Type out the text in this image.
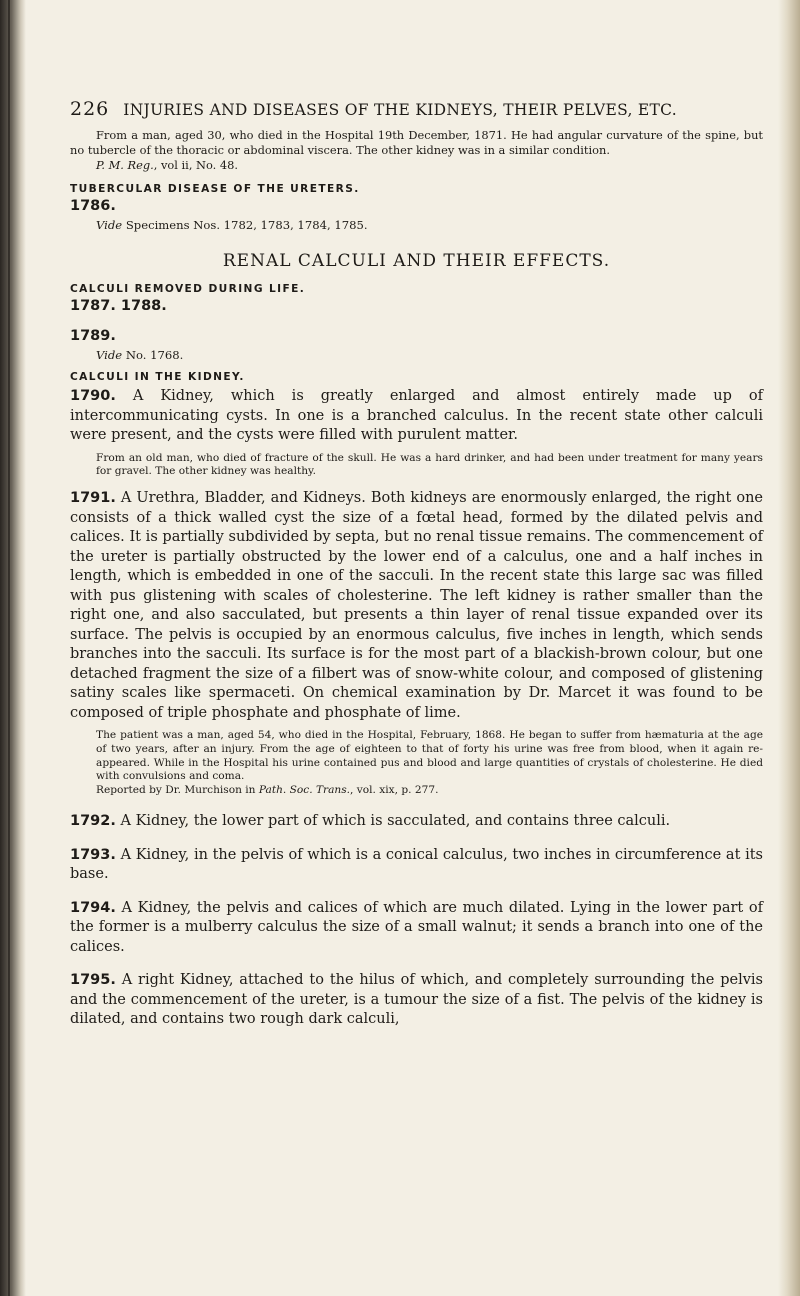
226 INJURIES AND DISEASES OF THE KIDNEYS, THEIR PELVES, ETC.

From a man, aged 30, who died in the Hospital 19th December, 1871. He had angular curvature of the spine, but no tubercle of the thoracic or abdominal viscera. The other kidney was in a similar condition.

P. M. Reg., vol ii, No. 48.

TUBERCULAR DISEASE OF THE URETERS.
1786.
Vide Specimens Nos. 1782, 1783, 1784, 1785.
RENAL CALCULI AND THEIR EFFECTS.
CALCULI REMOVED DURING LIFE.
1787. 1788.
1789.
Vide No. 1768.
CALCULI IN THE KIDNEY.

1790. A Kidney, which is greatly enlarged and almost entirely made up of intercommunicating cysts. In one is a branched calculus. In the recent state other calculi were present, and the cysts were filled with purulent matter.

From an old man, who died of fracture of the skull. He was a hard drinker, and had been under treatment for many years for gravel. The other kidney was healthy.

1791. A Urethra, Bladder, and Kidneys. Both kidneys are enormously enlarged, the right one consists of a thick walled cyst the size of a fœtal head, formed by the dilated pelvis and calices. It is partially subdivided by septa, but no renal tissue remains. The commencement of the ureter is partially obstructed by the lower end of a calculus, one and a half inches in length, which is embedded in one of the sacculi. In the recent state this large sac was filled with pus glistening with scales of cholesterine. The left kidney is rather smaller than the right one, and also sacculated, but presents a thin layer of renal tissue expanded over its surface. The pelvis is occupied by an enormous calculus, five inches in length, which sends branches into the sacculi. Its surface is for the most part of a blackish-brown colour, but one detached fragment the size of a filbert was of snow-white colour, and composed of glistening satiny scales like spermaceti. On chemical examination by Dr. Marcet it was found to be composed of triple phosphate and phosphate of lime.

The patient was a man, aged 54, who died in the Hospital, February, 1868. He began to suffer from hæmaturia at the age of two years, after an injury. From the age of eighteen to that of forty his urine was free from blood, when it again re-appeared. While in the Hospital his urine contained pus and blood and large quantities of crystals of cholesterine. He died with convulsions and coma.

Reported by Dr. Murchison in Path. Soc. Trans., vol. xix, p. 277.

1792. A Kidney, the lower part of which is sacculated, and contains three calculi.

1793. A Kidney, in the pelvis of which is a conical calculus, two inches in circumference at its base.

1794. A Kidney, the pelvis and calices of which are much dilated. Lying in the lower part of the former is a mulberry calculus the size of a small walnut; it sends a branch into one of the calices.

1795. A right Kidney, attached to the hilus of which, and completely surrounding the pelvis and the commencement of the ureter, is a tumour the size of a fist. The pelvis of the kidney is dilated, and contains two rough dark calculi,
